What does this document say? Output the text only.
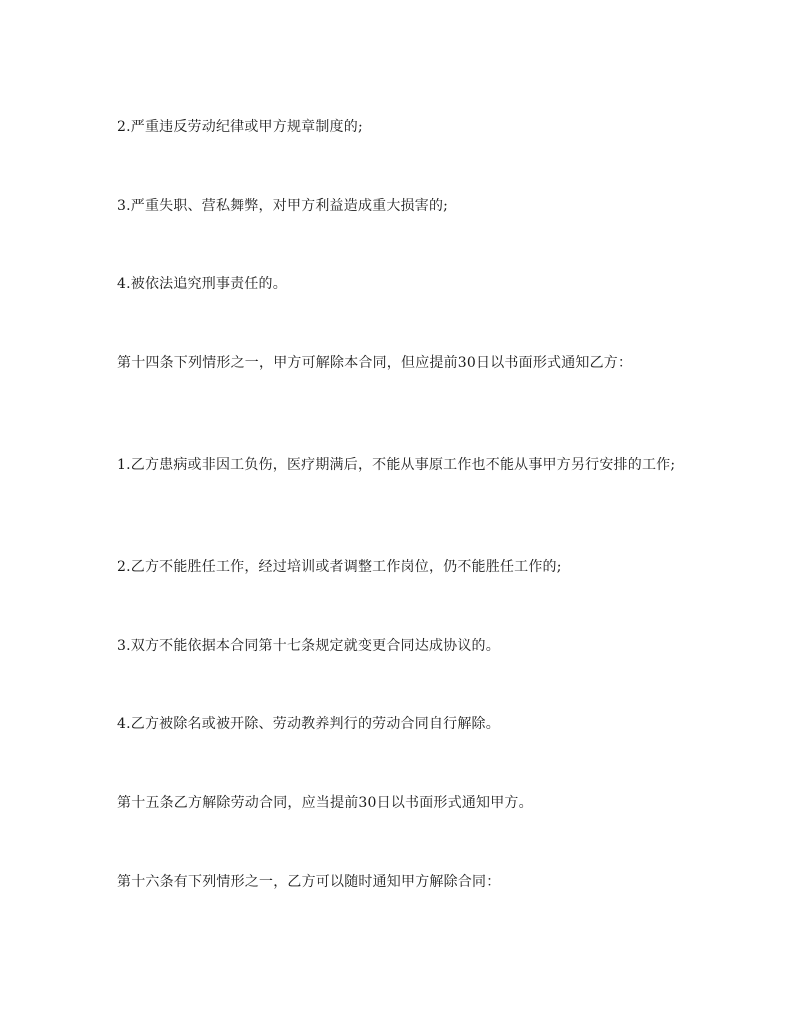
2.严重违反劳动纪律或甲方规章制度的;

3.严重失职、营私舞弊，对甲方利益造成重大损害的;

4.被依法追究刑事责任的。

第十四条下列情形之一，甲方可解除本合同，但应提前30日以书面形式通知乙方：

1.乙方患病或非因工负伤，医疗期满后，不能从事原工作也不能从事甲方另行安排的工作;

2.乙方不能胜任工作，经过培训或者调整工作岗位，仍不能胜任工作的;

3.双方不能依据本合同第十七条规定就变更合同达成协议的。

4.乙方被除名或被开除、劳动教养判行的劳动合同自行解除。

第十五条乙方解除劳动合同，应当提前30日以书面形式通知甲方。

第十六条有下列情形之一，乙方可以随时通知甲方解除合同：
